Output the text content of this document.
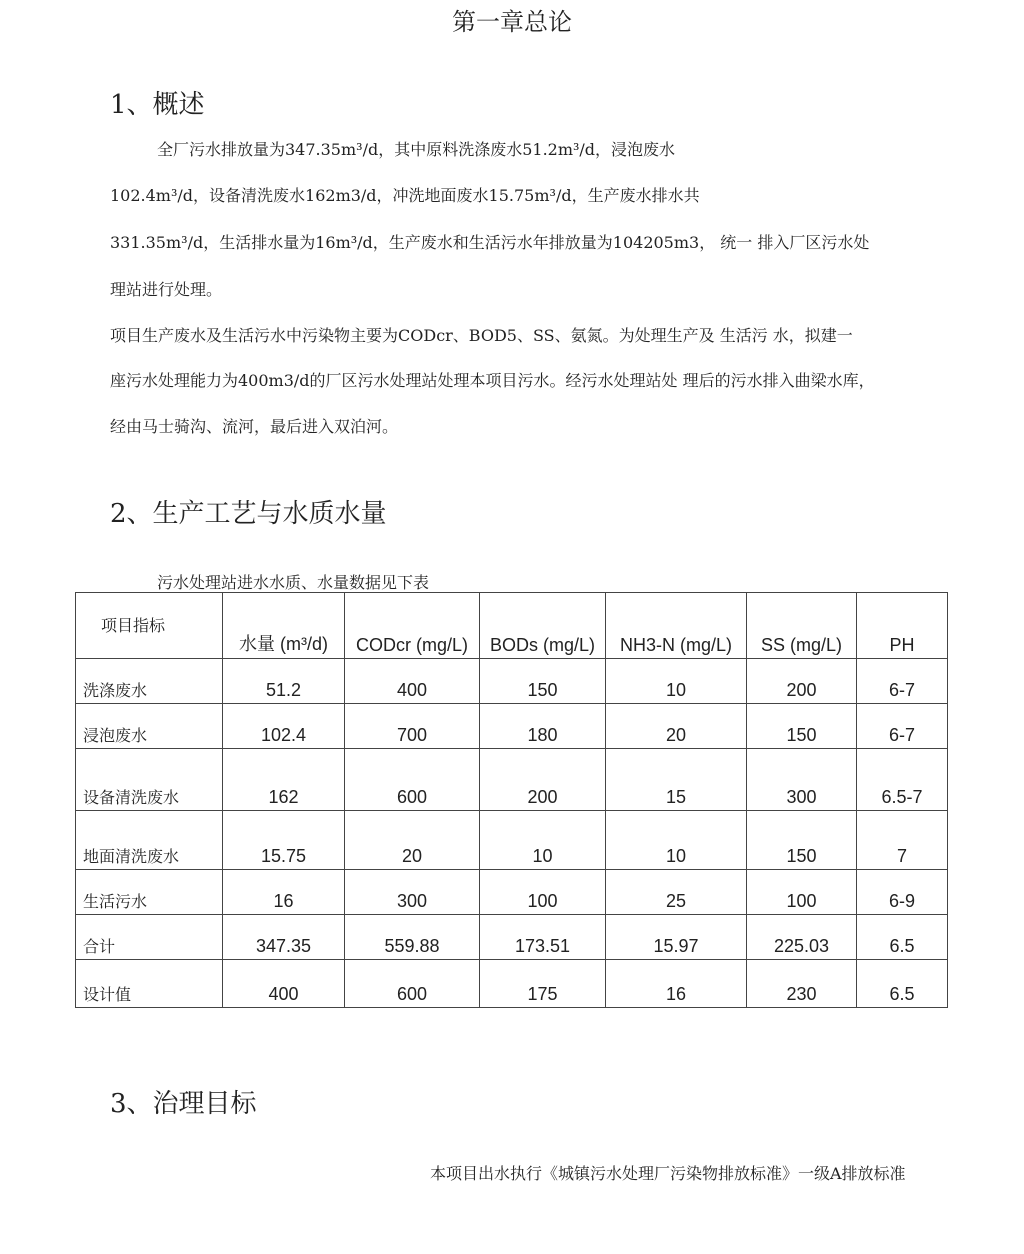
第一章总论
1、概述
全厂污水排放量为347.35m³/d，其中原料洗涤废水51.2m³/d，浸泡废水
102.4m³/d，设备清洗废水162m3/d，冲洗地面废水15.75m³/d，生产废水排水共
331.35m³/d，生活排水量为16m³/d，生产废水和生活污水年排放量为104205m3， 统一 排入厂区污水处
理站进行处理。
项目生产废水及生活污水中污染物主要为CODcr、BOD5、SS、氨氮。为处理生产及 生活污 水，拟建一
座污水处理能力为400m3/d的厂区污水处理站处理本项目污水。经污水处理站处 理后的污水排入曲梁水库，
经由马士骑沟、流河，最后进入双泊河。
2、生产工艺与水质水量
污水处理站进水水质、水量数据见下表
项目指标	水量 (m³/d)	CODcr (mg/L)	BODs (mg/L)	NH3-N (mg/L)	SS (mg/L)	PH
洗涤废水	51.2	400	150	10	200	6-7
浸泡废水	102.4	700	180	20	150	6-7
设备清洗废水	162	600	200	15	300	6.5-7
地面清洗废水	15.75	20	10	10	150	7
生活污水	16	300	100	25	100	6-9
合计	347.35	559.88	173.51	15.97	225.03	6.5
设计值	400	600	175	16	230	6.5
3、治理目标
本项目出水执行《城镇污水处理厂污染物排放标准》一级A排放标准
